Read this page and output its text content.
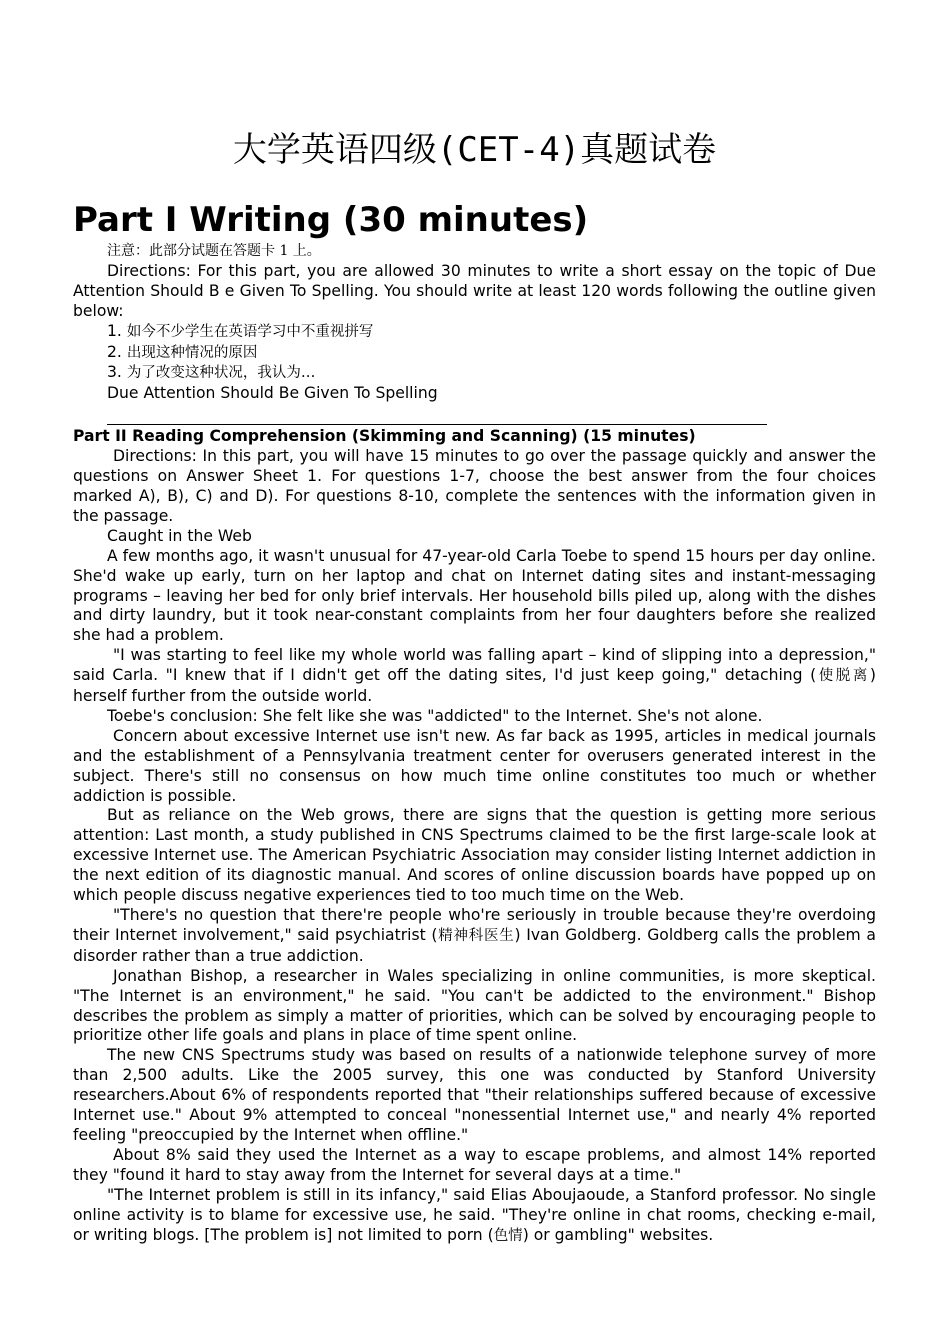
大学英语四级(CET-4)真题试卷
Part I Writing (30 minutes)

注意：此部分试题在答题卡 1 上。

Directions: For this part, you are allowed 30 minutes to write a short essay on the topic of Due Attention Should B e Given To Spelling. You should write at least 120 words following the outline given below:

1. 如今不少学生在英语学习中不重视拼写

2. 出现这种情况的原因

3. 为了改变这种状况，我认为…

Due Attention Should Be Given To Spelling

Part II Reading Comprehension (Skimming and Scanning) (15 minutes)

Directions: In this part, you will have 15 minutes to go over the passage quickly and answer the questions on Answer Sheet 1. For questions 1-7, choose the best answer from the four choices marked A), B), C) and D). For questions 8-10, complete the sentences with the information given in the passage.

Caught in the Web

A few months ago, it wasn't unusual for 47-year-old Carla Toebe to spend 15 hours per day online. She'd wake up early, turn on her laptop and chat on Internet dating sites and instant-messaging programs – leaving her bed for only brief intervals. Her household bills piled up, along with the dishes and dirty laundry, but it took near-constant complaints from her four daughters before she realized she had a problem.

"I was starting to feel like my whole world was falling apart – kind of slipping into a depression," said Carla. "I knew that if I didn't get off the dating sites, I'd just keep going," detaching (使脱离) herself further from the outside world.

Toebe's conclusion: She felt like she was "addicted" to the Internet. She's not alone.

Concern about excessive Internet use isn't new. As far back as 1995, articles in medical journals and the establishment of a Pennsylvania treatment center for overusers generated interest in the subject. There's still no consensus on how much time online constitutes too much or whether addiction is possible.

But as reliance on the Web grows, there are signs that the question is getting more serious attention: Last month, a study published in CNS Spectrums claimed to be the first large-scale look at excessive Internet use. The American Psychiatric Association may consider listing Internet addiction in the next edition of its diagnostic manual. And scores of online discussion boards have popped up on which people discuss negative experiences tied to too much time on the Web.

"There's no question that there're people who're seriously in trouble because they're overdoing their Internet involvement," said psychiatrist (精神科医生) Ivan Goldberg. Goldberg calls the problem a disorder rather than a true addiction.

Jonathan Bishop, a researcher in Wales specializing in online communities, is more skeptical. "The Internet is an environment," he said. "You can't be addicted to the environment." Bishop describes the problem as simply a matter of priorities, which can be solved by encouraging people to prioritize other life goals and plans in place of time spent online.

The new CNS Spectrums study was based on results of a nationwide telephone survey of more than 2,500 adults. Like the 2005 survey, this one was conducted by Stanford University researchers.About 6% of respondents reported that "their relationships suffered because of excessive Internet use." About 9% attempted to conceal "nonessential Internet use," and nearly 4% reported feeling "preoccupied by the Internet when offline."

About 8% said they used the Internet as a way to escape problems, and almost 14% reported they "found it hard to stay away from the Internet for several days at a time."

"The Internet problem is still in its infancy," said Elias Aboujaoude, a Stanford professor. No single online activity is to blame for excessive use, he said. "They're online in chat rooms, checking e-mail, or writing blogs. [The problem is] not limited to porn (色情) or gambling" websites.
